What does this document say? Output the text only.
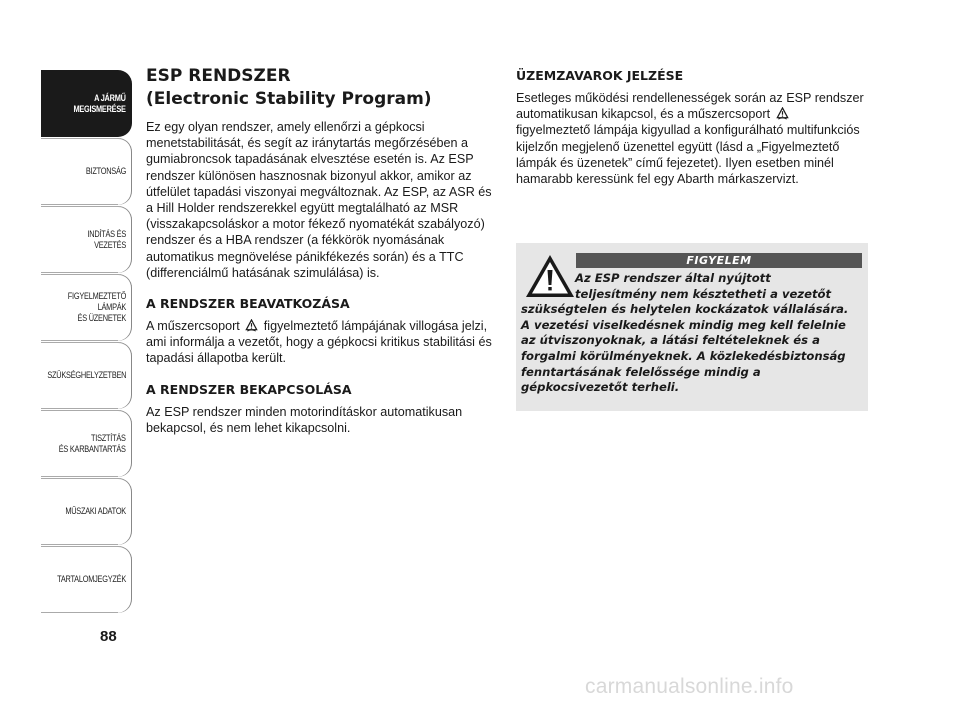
A JÁRMŰ
MEGISMERÉSE
BIZTONSÁG
INDÍTÁS ÉS VEZETÉS
FIGYELMEZTETŐ
LÁMPÁK
ÉS ÜZENETEK
SZÜKSÉGHELYZETBEN
TISZTÍTÁS
ÉS KARBANTARTÁS
MŰSZAKI ADATOK
TARTALOMJEGYZÉK
88
ESP RENDSZER
(Electronic Stability Program)

Ez egy olyan rendszer, amely ellenőrzi a gépkocsi menetstabilitását, és segít az iránytartás megőrzésében a gumiabroncsok tapadásának elvesztése esetén is. Az ESP rendszer különösen hasznosnak bizonyul akkor, amikor az útfelület tapadási viszonyai megváltoznak. Az ESP, az ASR és a Hill Holder rendszerekkel együtt megtalálható az MSR (visszakapcsoláskor a motor fékező nyomatékát szabályozó) rendszer és a HBA rendszer (a fékkörök nyomásának automatikus megnövelése pánikfékezés során) és a TTC (differenciálmű hatásának szimulálása) is.

A RENDSZER BEAVATKOZÁSA

A műszercsoport figyelmeztető lámpájának villogása jelzi, ami informálja a vezetőt, hogy a gépkocsi kritikus stabilitási és tapadási állapotba került.

A RENDSZER BEKAPCSOLÁSA

Az ESP rendszer minden motorindításkor automatikusan bekapcsol, és nem lehet kikapcsolni.

ÜZEMZAVAROK JELZÉSE

Esetleges működési rendellenességek során az ESP rendszer automatikusan kikapcsol, és a műszercsoport  figyelmeztető lámpája kigyullad a konfigurálható multifunkciós kijelzőn megjelenő üzenettel együtt (lásd a „Figyelmeztető lámpák és üzenetek” című fejezetet). Ilyen esetben minél hamarabb keressünk fel egy Abarth márkaszervizt.

FIGYELEM
Az ESP rendszer által nyújtott
teljesítmény nem késztetheti a vezetőt
szükségtelen és helytelen kockázatok vállalására. A vezetési viselkedésnek mindig meg kell felelnie az útviszonyoknak, a látási feltételeknek és a forgalmi körülményeknek. A közlekedésbiztonság fenntartásának felelőssége mindig a gépkocsivezetőt terheli.
carmanualsonline.info
